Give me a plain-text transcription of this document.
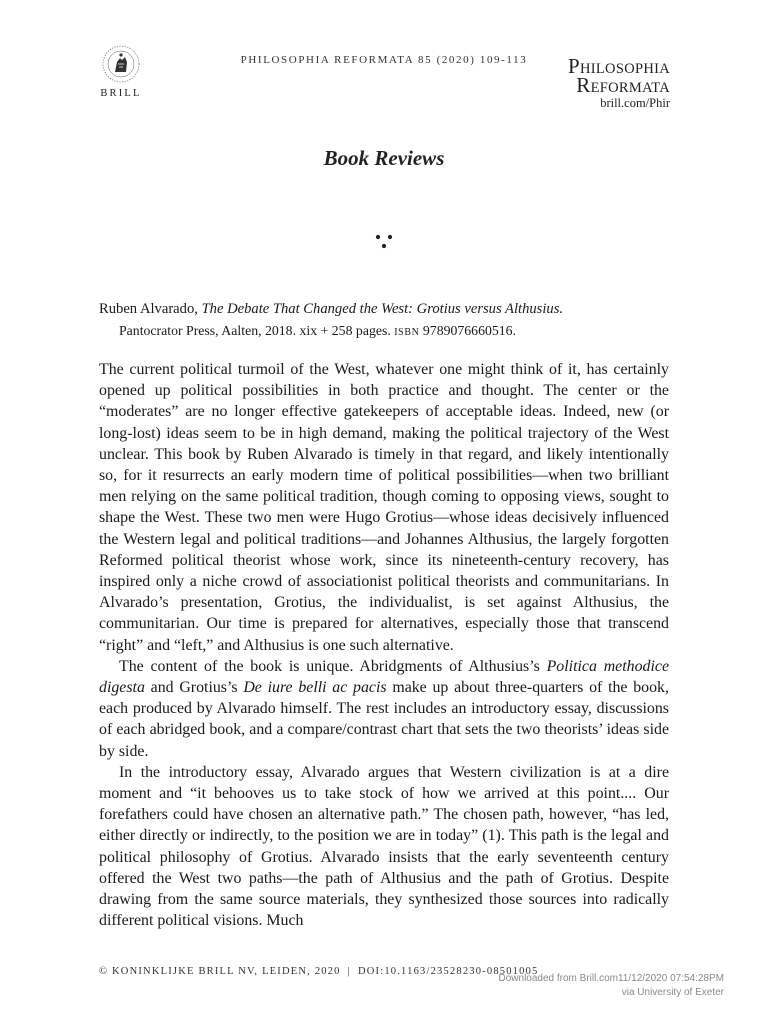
BRILL
PHILOSOPHIA REFORMATA 85 (2020) 109-113	PHILOSOPHIA
REFORMATA
brill.com/Phir
Book Reviews
Ruben Alvarado, The Debate That Changed the West: Grotius versus Althusius.
Pantocrator Press, Aalten, 2018. xix + 258 pages. isbn 9789076660516.

The current political turmoil of the West, whatever one might think of it, has certainly opened up political possibilities in both practice and thought. The center or the “moderates” are no longer effective gatekeepers of acceptable ideas. Indeed, new (or long-lost) ideas seem to be in high demand, making the political trajectory of the West unclear. This book by Ruben Alvarado is timely in that regard, and likely intentionally so, for it resurrects an early modern time of political possibilities—when two brilliant men relying on the same political tradition, though coming to opposing views, sought to shape the West. These two men were Hugo Grotius—whose ideas decisively influenced the Western legal and political traditions—and Johannes Althusius, the largely forgotten Reformed political theorist whose work, since its nineteenth-century recovery, has inspired only a niche crowd of associationist political theorists and communitarians. In Alvarado’s presentation, Grotius, the individualist, is set against Althusius, the communitarian. Our time is prepared for alternatives, especially those that transcend “right” and “left,” and Althusius is one such alternative.

The content of the book is unique. Abridgments of Althusius’s Politica methodice digesta and Grotius’s De iure belli ac pacis make up about three-quarters of the book, each produced by Alvarado himself. The rest includes an introductory essay, discussions of each abridged book, and a compare/contrast chart that sets the two theorists’ ideas side by side.

In the introductory essay, Alvarado argues that Western civilization is at a dire moment and “it behooves us to take stock of how we arrived at this point.... Our forefathers could have chosen an alternative path.” The chosen path, however, “has led, either directly or indirectly, to the position we are in today” (1). This path is the legal and political philosophy of Grotius. Alvarado insists that the early seventeenth century offered the West two paths—the path of Althusius and the path of Grotius. Despite drawing from the same source materials, they synthesized those sources into radically different political visions. Much

© KONINKLIJKE BRILL NV, LEIDEN, 2020 | DOI:10.1163/23528230-08501005
Downloaded from Brill.com11/12/2020 07:54:28PM
via University of Exeter
